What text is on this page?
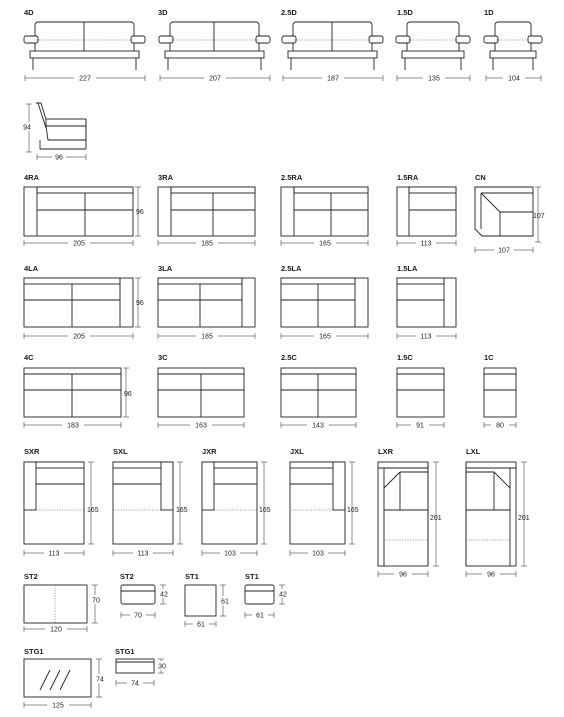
4D
227
3D
207
2.5D
187
1.5D
135
1D
104
94
96
4RA
96
205
3RA
185
2.5RA
165
1.5RA
113
CN
107
107
4LA
96
205
3LA
185
2.5LA
165
1.5LA
113
4C
96
183
3C
163
2.5C
143
1.5C
91
1C
80
SXR
165
113
SXL
165
113
JXR
165
103
JXL
165
103
LXR
201
96
LXL
201
96
ST2
70
120
ST2
42
70
ST1
61
61
ST1
42
61
STG1
74
125
STG1
30
74
